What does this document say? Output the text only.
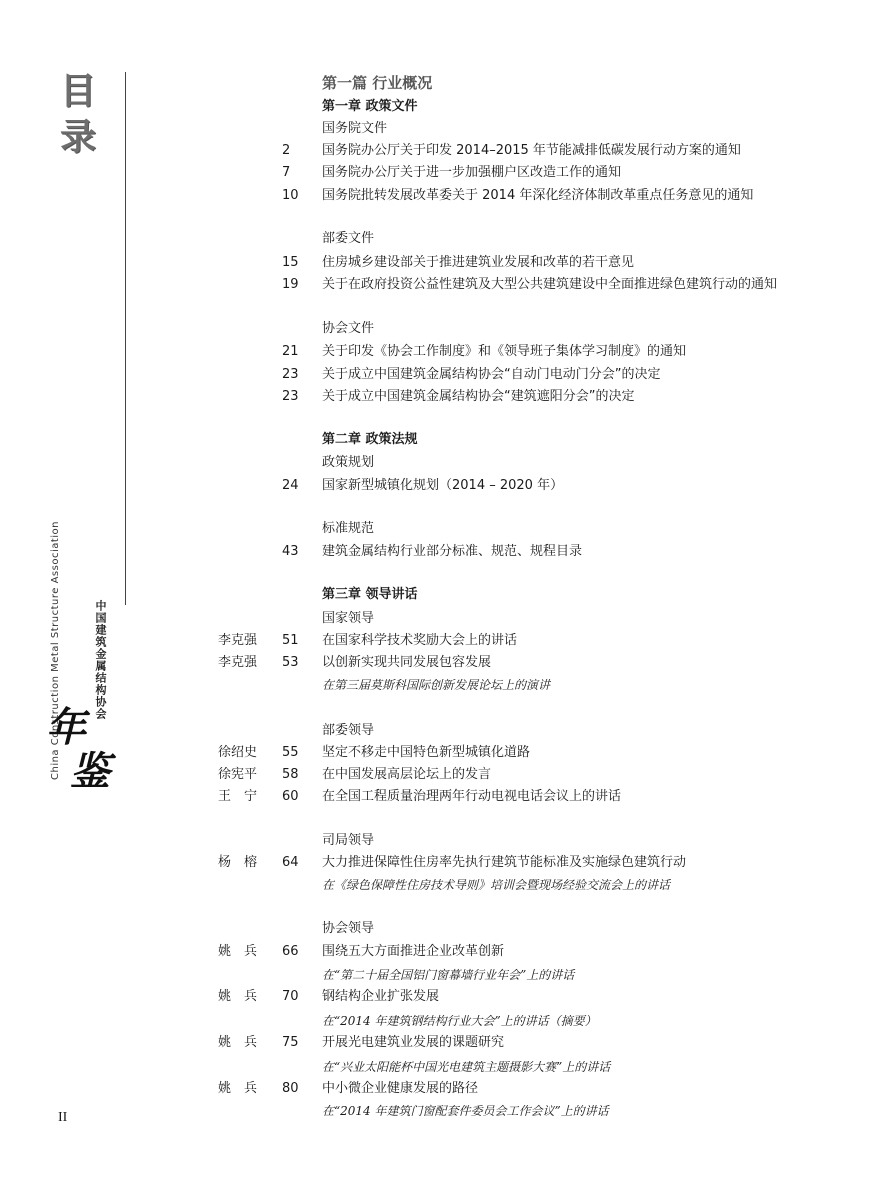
目
录
中国建筑金属结构协会
China Construction Metal Structure Association
年
鉴
II
第一篇 行业概况
第一章 政策文件
国务院文件
2	国务院办公厅关于印发 2014–2015 年节能减排低碳发展行动方案的通知
7	国务院办公厅关于进一步加强棚户区改造工作的通知
10	国务院批转发展改革委关于 2014 年深化经济体制改革重点任务意见的通知
部委文件
15	住房城乡建设部关于推进建筑业发展和改革的若干意见
19	关于在政府投资公益性建筑及大型公共建筑建设中全面推进绿色建筑行动的通知
协会文件
21	关于印发《协会工作制度》和《领导班子集体学习制度》的通知
23	关于成立中国建筑金属结构协会“自动门电动门分会”的决定
23	关于成立中国建筑金属结构协会“建筑遮阳分会”的决定
第二章 政策法规
政策规划
24	国家新型城镇化规划（2014 – 2020 年）
标准规范
43	建筑金属结构行业部分标准、规范、规程目录
第三章 领导讲话
国家领导
李克强	51	在国家科学技术奖励大会上的讲话
李克强	53	以创新实现共同发展包容发展
在第三届莫斯科国际创新发展论坛上的演讲
部委领导
徐绍史	55	坚定不移走中国特色新型城镇化道路
徐宪平	58	在中国发展高层论坛上的发言
王　宁	60	在全国工程质量治理两年行动电视电话会议上的讲话
司局领导
杨　榕	64	大力推进保障性住房率先执行建筑节能标准及实施绿色建筑行动
在《绿色保障性住房技术导则》培训会暨现场经验交流会上的讲话
协会领导
姚　兵	66	围绕五大方面推进企业改革创新
在“第二十届全国铝门窗幕墙行业年会”上的讲话
姚　兵	70	钢结构企业扩张发展
在“2014 年建筑钢结构行业大会”上的讲话（摘要）
姚　兵	75	开展光电建筑业发展的课题研究
在“兴业太阳能杯中国光电建筑主题摄影大赛”上的讲话
姚　兵	80	中小微企业健康发展的路径
在“2014 年建筑门窗配套件委员会工作会议”上的讲话
